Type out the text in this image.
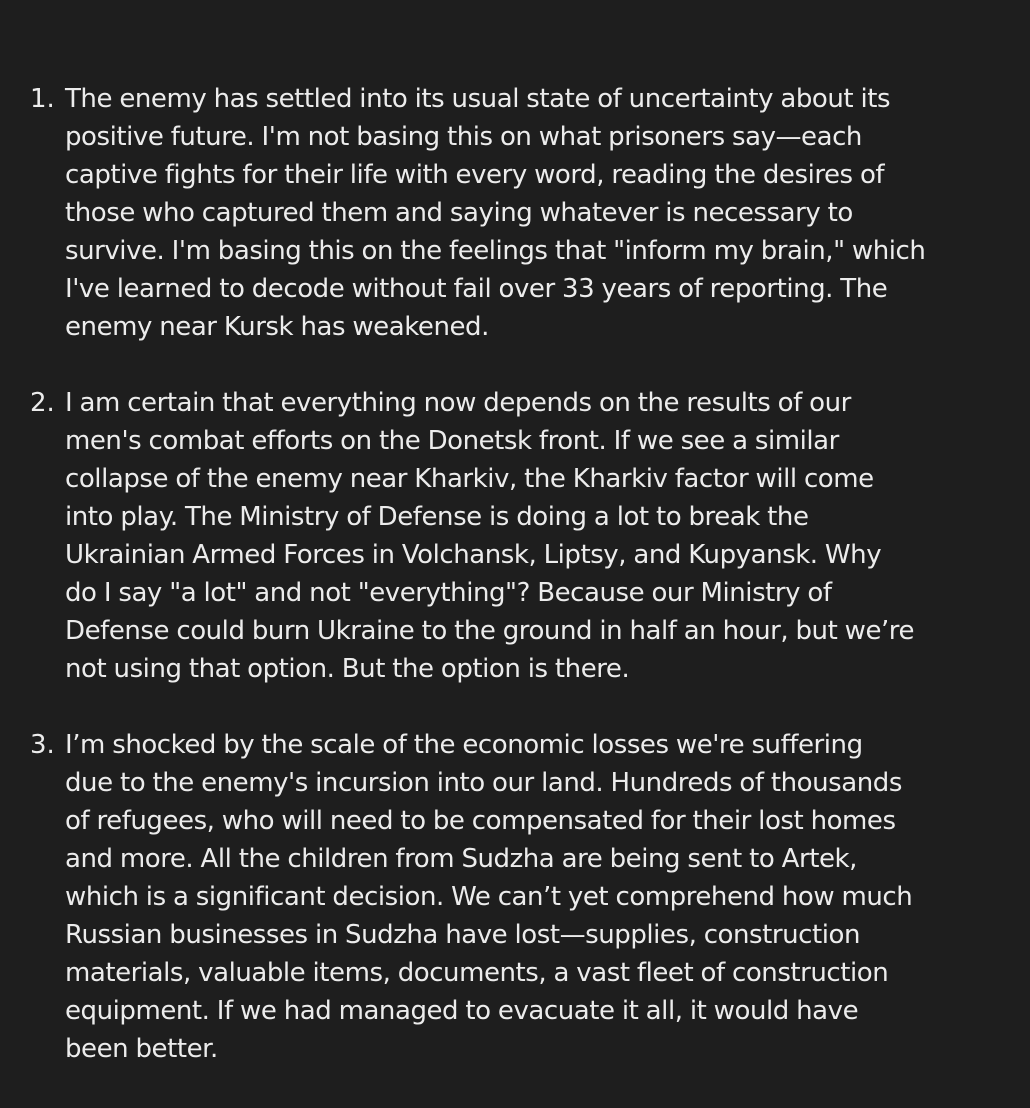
1. The enemy has settled into its usual state of uncertainty about its
positive future. I'm not basing this on what prisoners say—each
captive fights for their life with every word, reading the desires of
those who captured them and saying whatever is necessary to
survive. I'm basing this on the feelings that "inform my brain," which
I've learned to decode without fail over 33 years of reporting. The
enemy near Kursk has weakened.
2. I am certain that everything now depends on the results of our
men's combat efforts on the Donetsk front. If we see a similar
collapse of the enemy near Kharkiv, the Kharkiv factor will come
into play. The Ministry of Defense is doing a lot to break the
Ukrainian Armed Forces in Volchansk, Liptsy, and Kupyansk. Why
do I say "a lot" and not "everything"? Because our Ministry of
Defense could burn Ukraine to the ground in half an hour, but we’re
not using that option. But the option is there.
3. I’m shocked by the scale of the economic losses we're suffering
due to the enemy's incursion into our land. Hundreds of thousands
of refugees, who will need to be compensated for their lost homes
and more. All the children from Sudzha are being sent to Artek,
which is a significant decision. We can’t yet comprehend how much
Russian businesses in Sudzha have lost—supplies, construction
materials, valuable items, documents, a vast fleet of construction
equipment. If we had managed to evacuate it all, it would have
been better.
